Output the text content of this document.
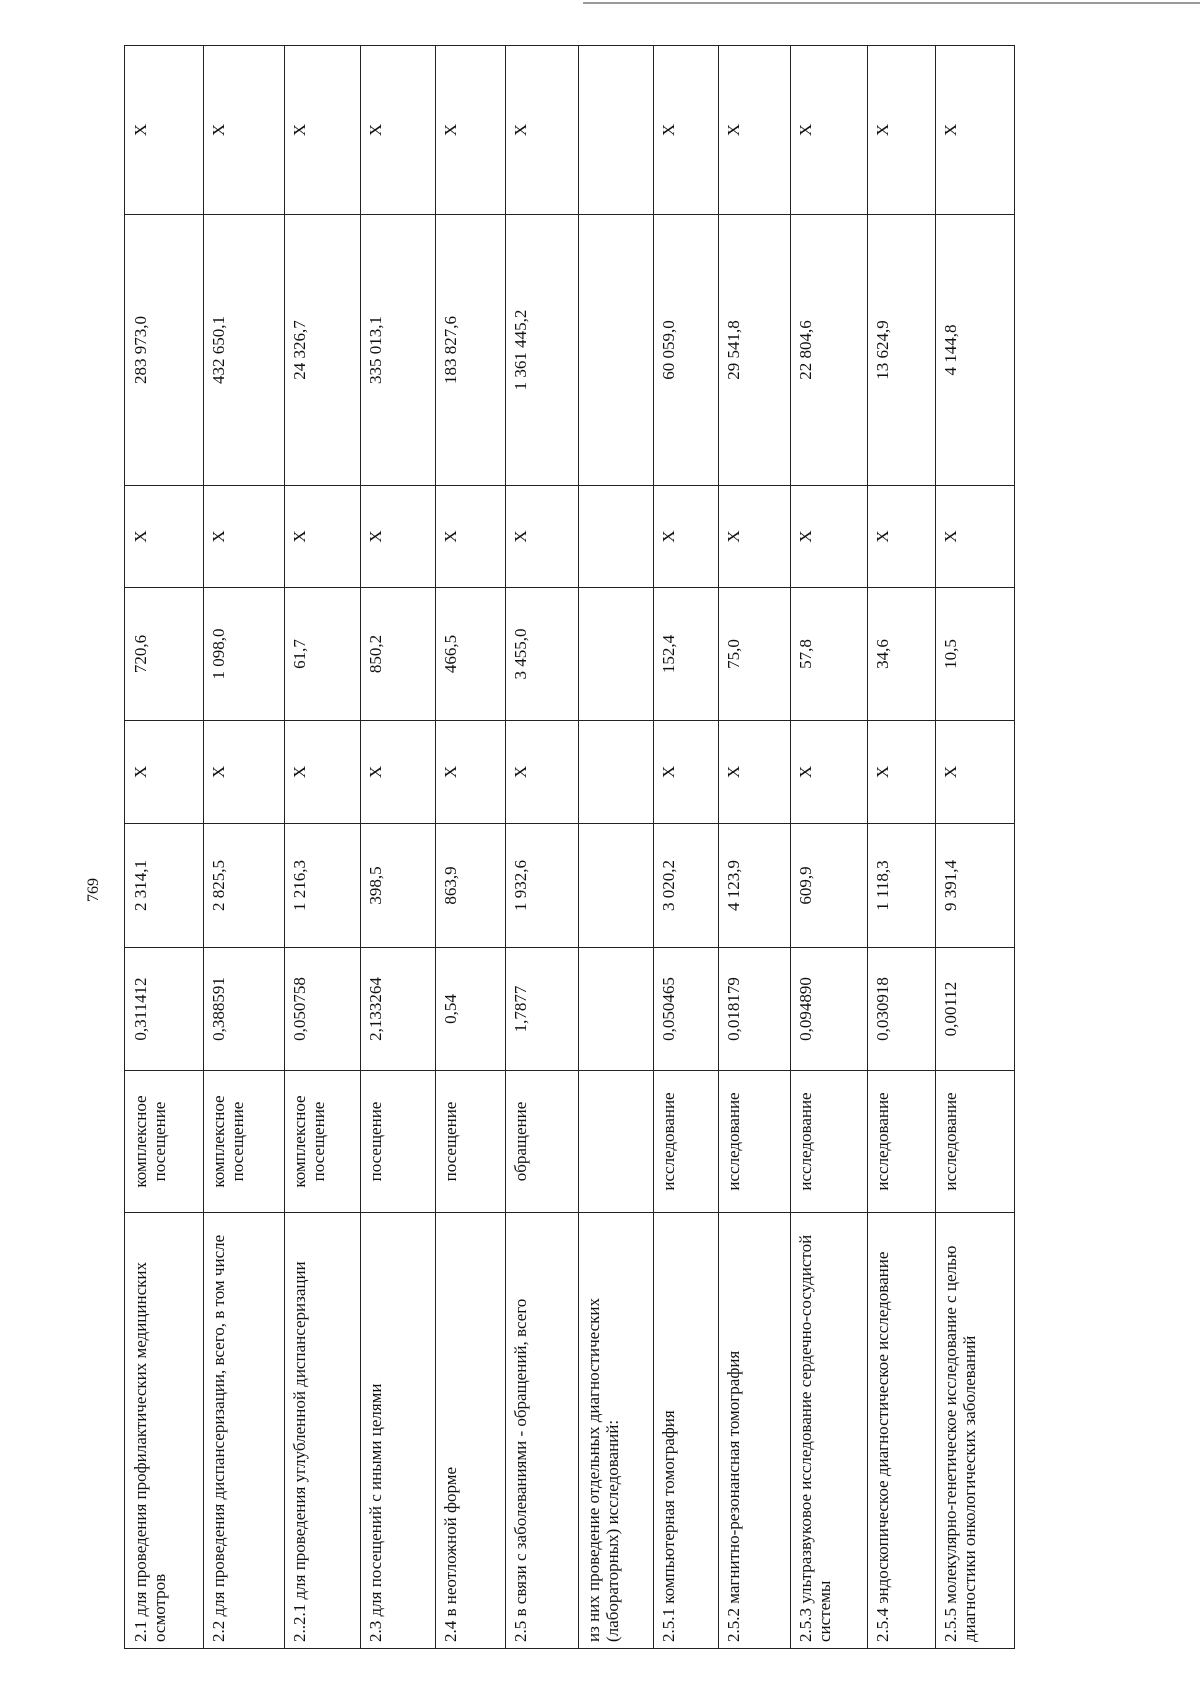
769
2.1 для проведения профилактических медицинских осмотров	комплексное посещение	0,311412	2 314,1	X	720,6	X	283 973,0	X
2.2 для проведения диспансеризации, всего, в том числе	комплексное посещение	0,388591	2 825,5	X	1 098,0	X	432 650,1	X
2..2.1 для проведения углубленной диспансеризации	комплексное посещение	0,050758	1 216,3	X	61,7	X	24 326,7	X
2.3 для посещений с иными целями	посещение	2,133264	398,5	X	850,2	X	335 013,1	X
2.4 в неотложной форме	посещение	0,54	863,9	X	466,5	X	183 827,6	X
2.5 в связи с заболеваниями - обращений, всего	обращение	1,7877	1 932,6	X	3 455,0	X	1 361 445,2	X
из них проведение отдельных диагностических (лабораторных) исследований:								
2.5.1 компьютерная томография	исследование	0,050465	3 020,2	X	152,4	X	60 059,0	X
2.5.2 магнитно-резонансная томография	исследование	0,018179	4 123,9	X	75,0	X	29 541,8	X
2.5.3 ультразвуковое исследование сердечно-сосудистой системы	исследование	0,094890	609,9	X	57,8	X	22 804,6	X
2.5.4 эндоскопическое диагностическое исследование	исследование	0,030918	1 118,3	X	34,6	X	13 624,9	X
2.5.5 молекулярно-генетическое исследование с целью диагностики онкологических заболеваний	исследование	0,00112	9 391,4	X	10,5	X	4 144,8	X
